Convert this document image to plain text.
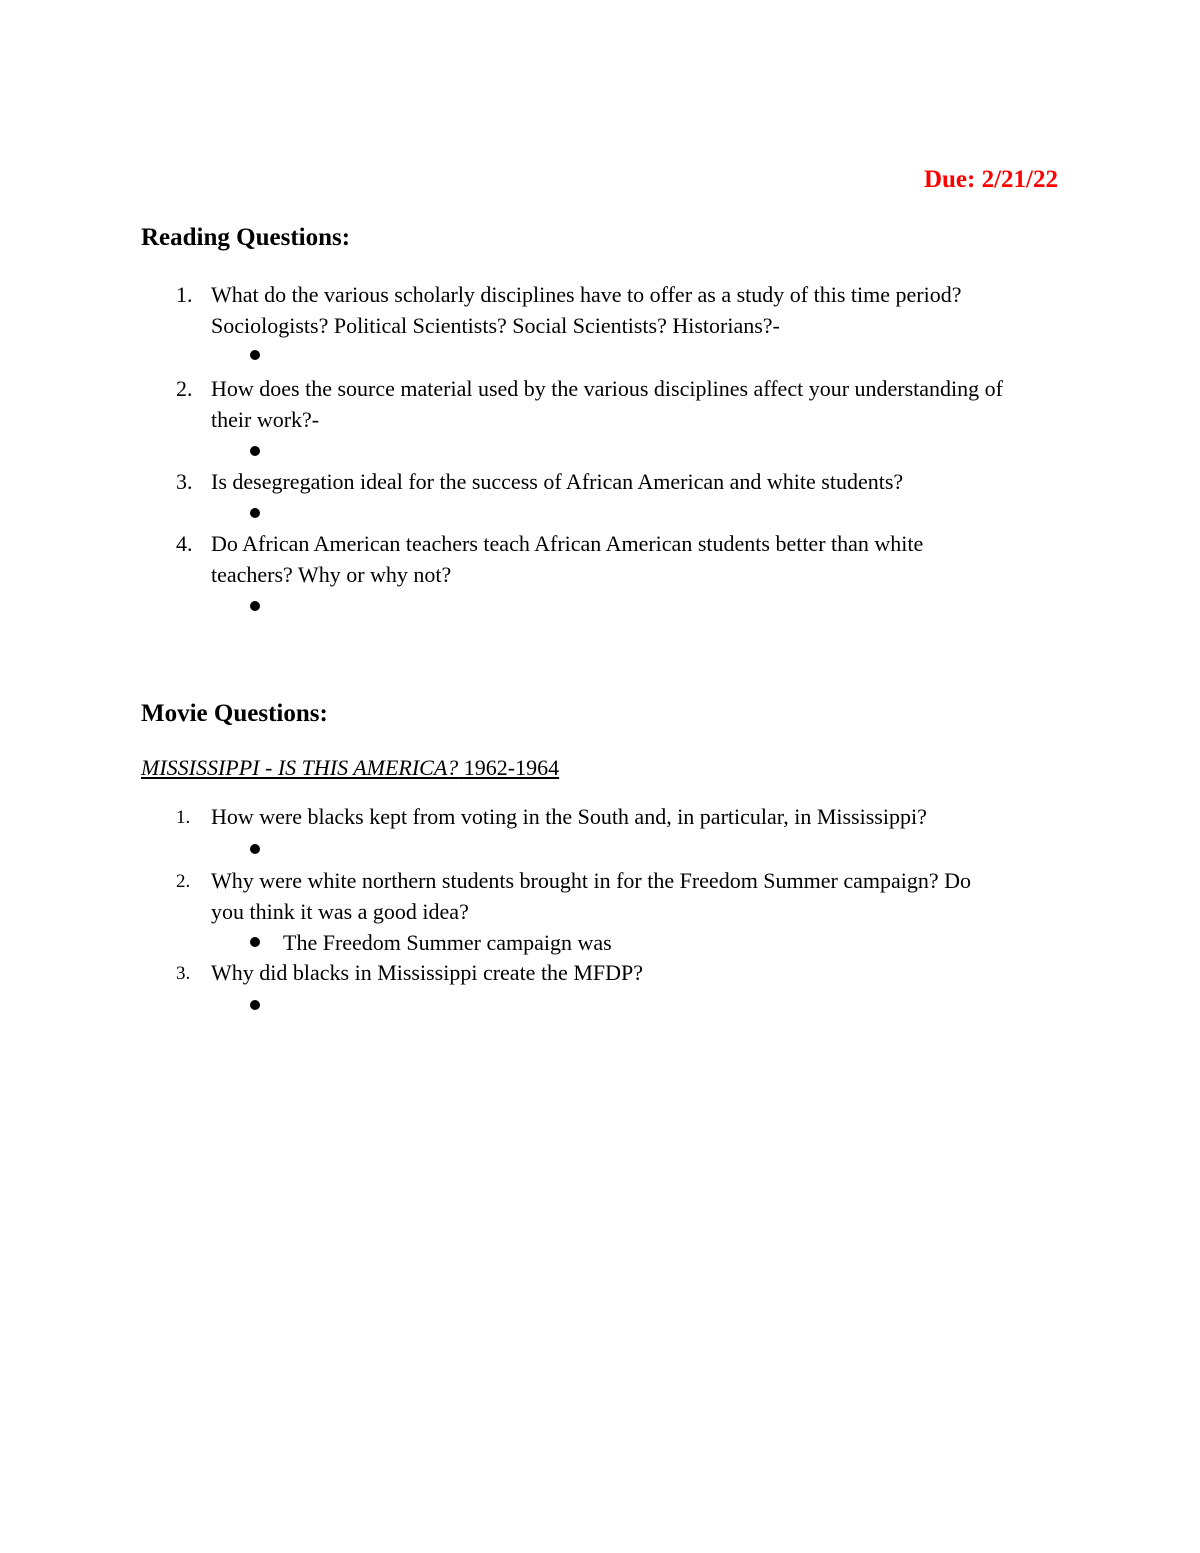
Due: 2/21/22
Reading Questions:
1. What do the various scholarly disciplines have to offer as a study of this time period?
Sociologists? Political Scientists? Social Scientists? Historians?-
2. How does the source material used by the various disciplines affect your understanding of
their work?-
3. Is desegregation ideal for the success of African American and white students?
4. Do African American teachers teach African American students better than white
teachers? Why or why not?
Movie Questions:
MISSISSIPPI - IS THIS AMERICA? 1962-1964
1. How were blacks kept from voting in the South and, in particular, in Mississippi?
2. Why were white northern students brought in for the Freedom Summer campaign? Do
you think it was a good idea?
The Freedom Summer campaign was
3. Why did blacks in Mississippi create the MFDP?
